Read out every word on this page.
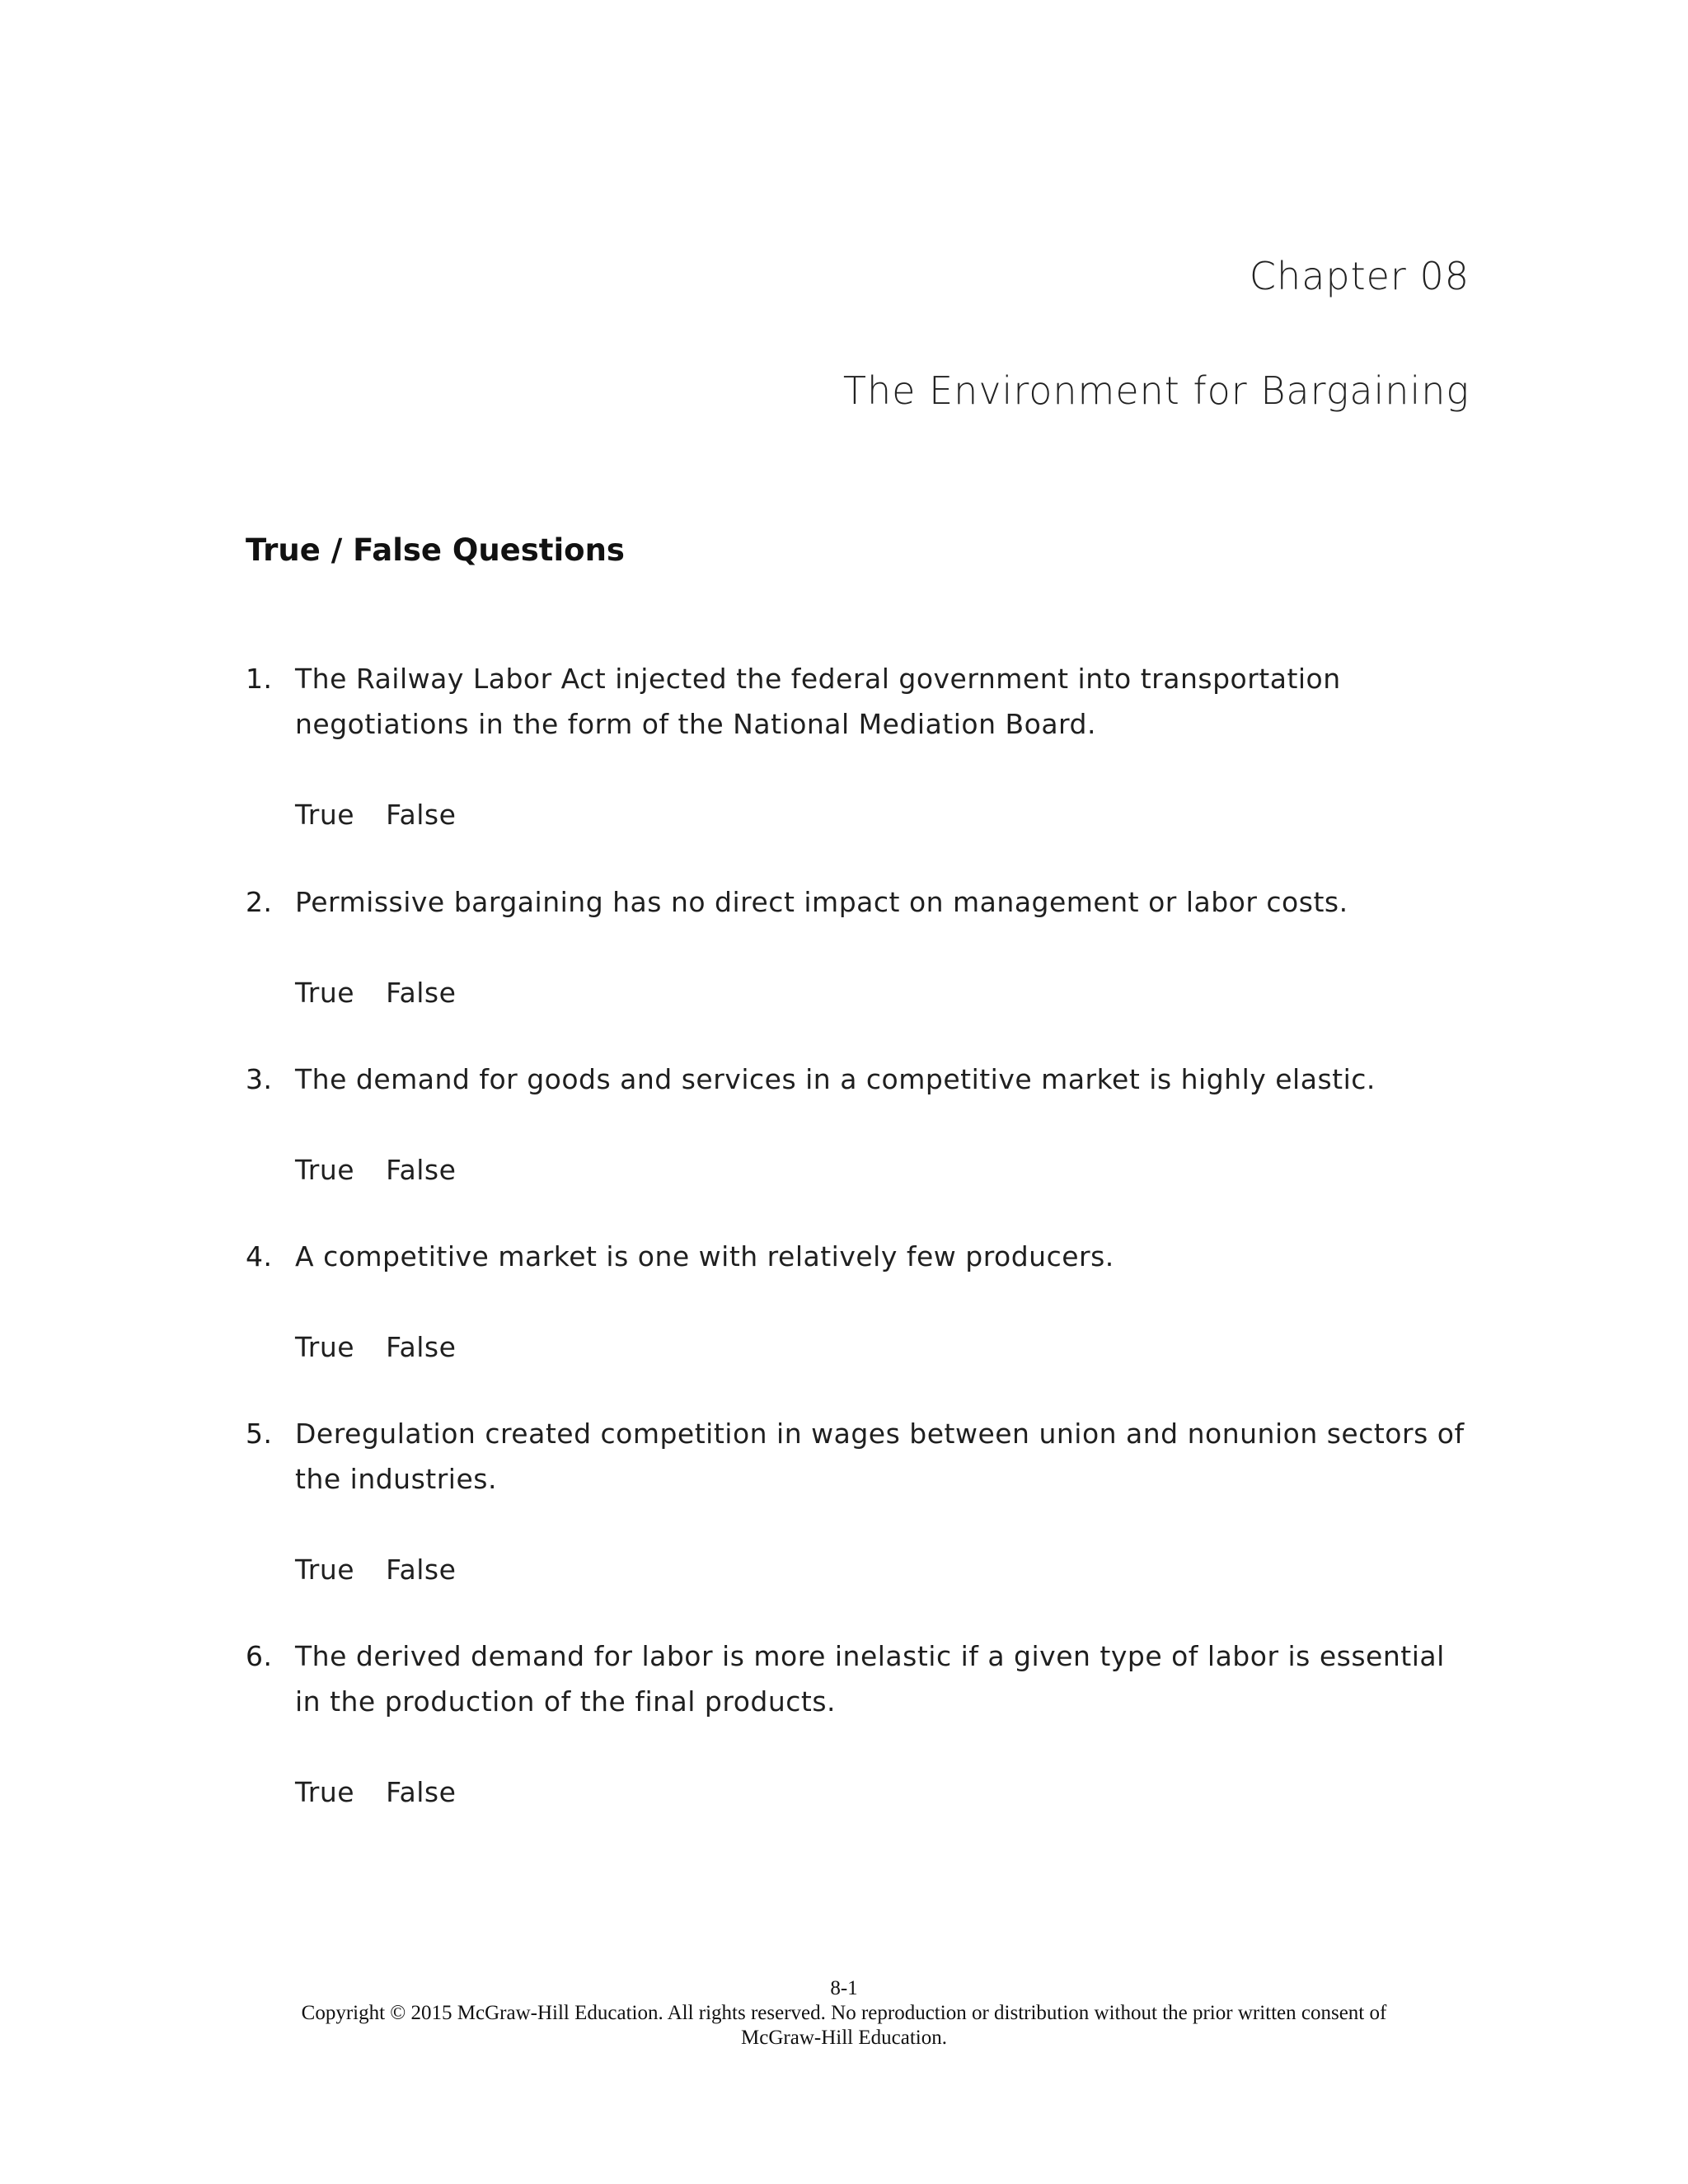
Chapter 08
The Environment for Bargaining
True / False Questions
1. The Railway Labor Act injected the federal government into transportation negotiations in the form of the National Mediation Board.
True False
2. Permissive bargaining has no direct impact on management or labor costs.
True False
3. The demand for goods and services in a competitive market is highly elastic.
True False
4. A competitive market is one with relatively few producers.
True False
5. Deregulation created competition in wages between union and nonunion sectors of the industries.
True False
6. The derived demand for labor is more inelastic if a given type of labor is essential in the production of the final products.
True False
8-1
Copyright © 2015 McGraw-Hill Education. All rights reserved. No reproduction or distribution without the prior written consent of
McGraw-Hill Education.
